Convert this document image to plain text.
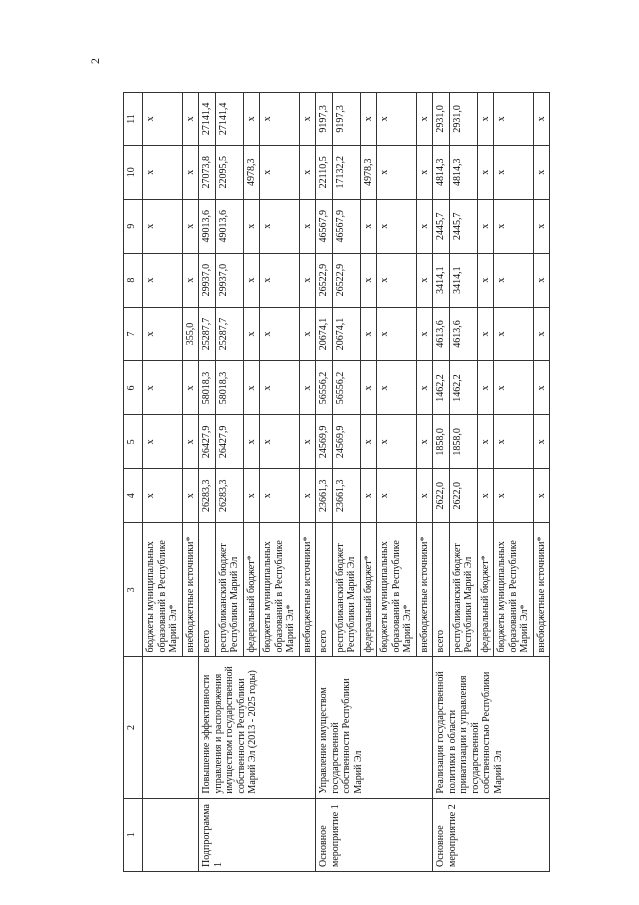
2
1	2	3	4	5	6	7	8	9	10	11
		бюджеты муниципальных образований в Республике Марий Эл*	х	х	х	х	х	х	х	х
		внебюджетные источники*	х	х	х	355,0	х	х	х	х
Подпрограмма 1	Повышение эффективности управления и распоряжения имуществом государственной собственности Республики Марий Эл (2013 - 2025 годы)	всего	26283,3	26427,9	58018,3	25287,7	29937,0	49013,6	27073,8	27141,4
		республиканский бюджет Республики Марий Эл	26283,3	26427,9	58018,3	25287,7	29937,0	49013,6	22095,5	27141,4
		федеральный бюджет*	х	х	х	х	х	х	4978,3	х
		бюджеты муниципальных образований в Республике Марий Эл*	х	х	х	х	х	х	х	х
		внебюджетные источники*	х	х	х	х	х	х	х	х
Основное мероприятие 1	Управление имуществом государственной собственности Республики Марий Эл	всего	23661,3	24569,9	56556,2	20674,1	26522,9	46567,9	22110,5	9197,3
		республиканский бюджет Республики Марий Эл	23661,3	24569,9	56556,2	20674,1	26522,9	46567,9	17132,2	9197,3
		федеральный бюджет*	х	х	х	х	х	х	4978,3	х
		бюджеты муниципальных образований в Республике Марий Эл*	х	х	х	х	х	х	х	х
		внебюджетные источники*	х	х	х	х	х	х	х	х
Основное мероприятие 2	Реализация государственной политики в области приватизации и управления государственной собственностью Республики Марий Эл	всего	2622,0	1858,0	1462,2	4613,6	3414,1	2445,7	4814,3	2931,0
		республиканский бюджет Республики Марий Эл	2622,0	1858,0	1462,2	4613,6	3414,1	2445,7	4814,3	2931,0
		федеральный бюджет*	х	х	х	х	х	х	х	х
		бюджеты муниципальных образований в Республике Марий Эл*	х	х	х	х	х	х	х	х
		внебюджетные источники*	х	х	х	х	х	х	х	х
